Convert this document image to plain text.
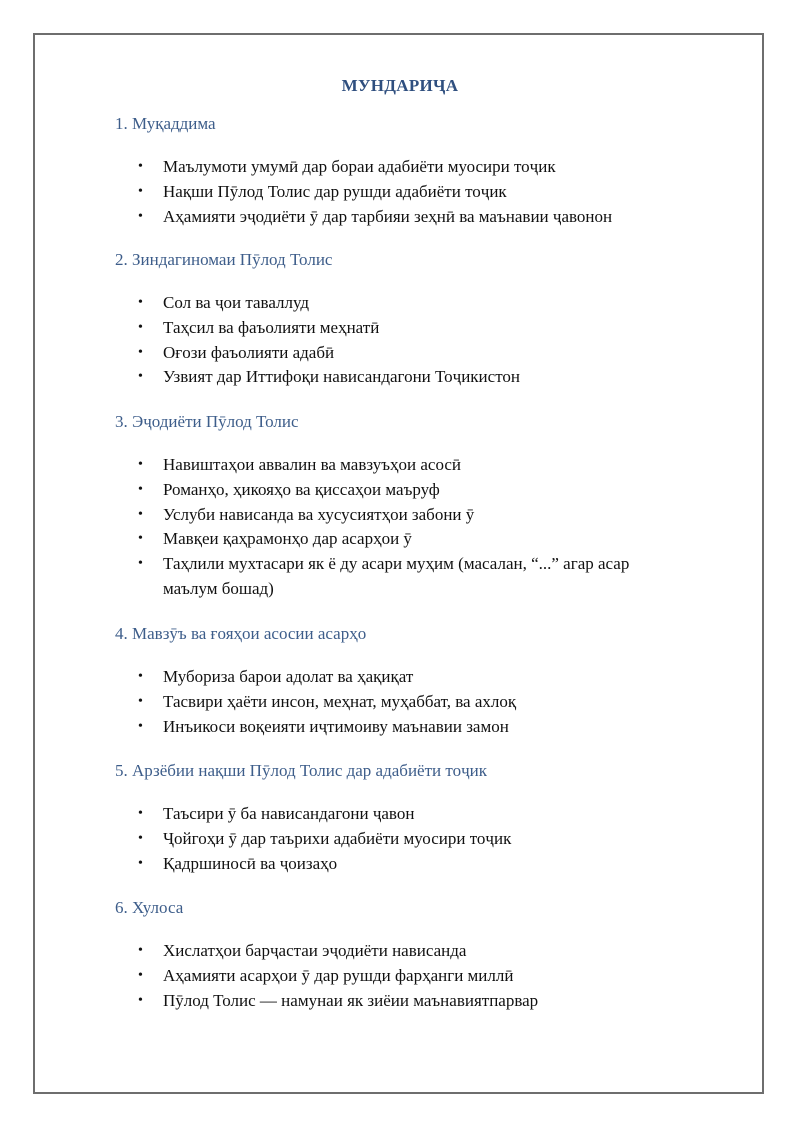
МУНДАРИҶА

1. Муқаддима

• Маълумоти умумӣ дар бораи адабиёти муосири тоҷик
• Нақши Пӯлод Толис дар рушди адабиёти тоҷик
• Аҳамияти эҷодиёти ӯ дар тарбияи зеҳнӣ ва маънавии ҷавонон

2. Зиндагиномаи Пӯлод Толис

• Сол ва ҷои таваллуд
• Таҳсил ва фаъолияти меҳнатӣ
• Оғози фаъолияти адабӣ
• Узвият дар Иттифоқи нависандагони Тоҷикистон

3. Эҷодиёти Пӯлод Толис

• Навиштаҳои аввалин ва мавзуъҳои асосӣ
• Романҳо, ҳикояҳо ва қиссаҳои маъруф
• Услуби нависанда ва хусусиятҳои забони ӯ
• Мавқеи қаҳрамонҳо дар асарҳои ӯ
• Таҳлили мухтасари як ё ду асари муҳим (масалан, “...” агар асар маълум бошад)

4. Мавзӯъ ва ғояҳои асосии асарҳо

• Мубориза барои адолат ва ҳақиқат
• Тасвири ҳаёти инсон, меҳнат, муҳаббат, ва ахлоқ
• Инъикоси воқеияти иҷтимоиву маънавии замон

5. Арзёбии нақши Пӯлод Толис дар адабиёти тоҷик

• Таъсири ӯ ба нависандагони ҷавон
• Ҷойгоҳи ӯ дар таърихи адабиёти муосири тоҷик
• Қадршиносӣ ва ҷоизаҳо

6. Хулоса

• Хислатҳои барҷастаи эҷодиёти нависанда
• Аҳамияти асарҳои ӯ дар рушди фарҳанги миллӣ
• Пӯлод Толис — намунаи як зиёии маънавиятпарвар
